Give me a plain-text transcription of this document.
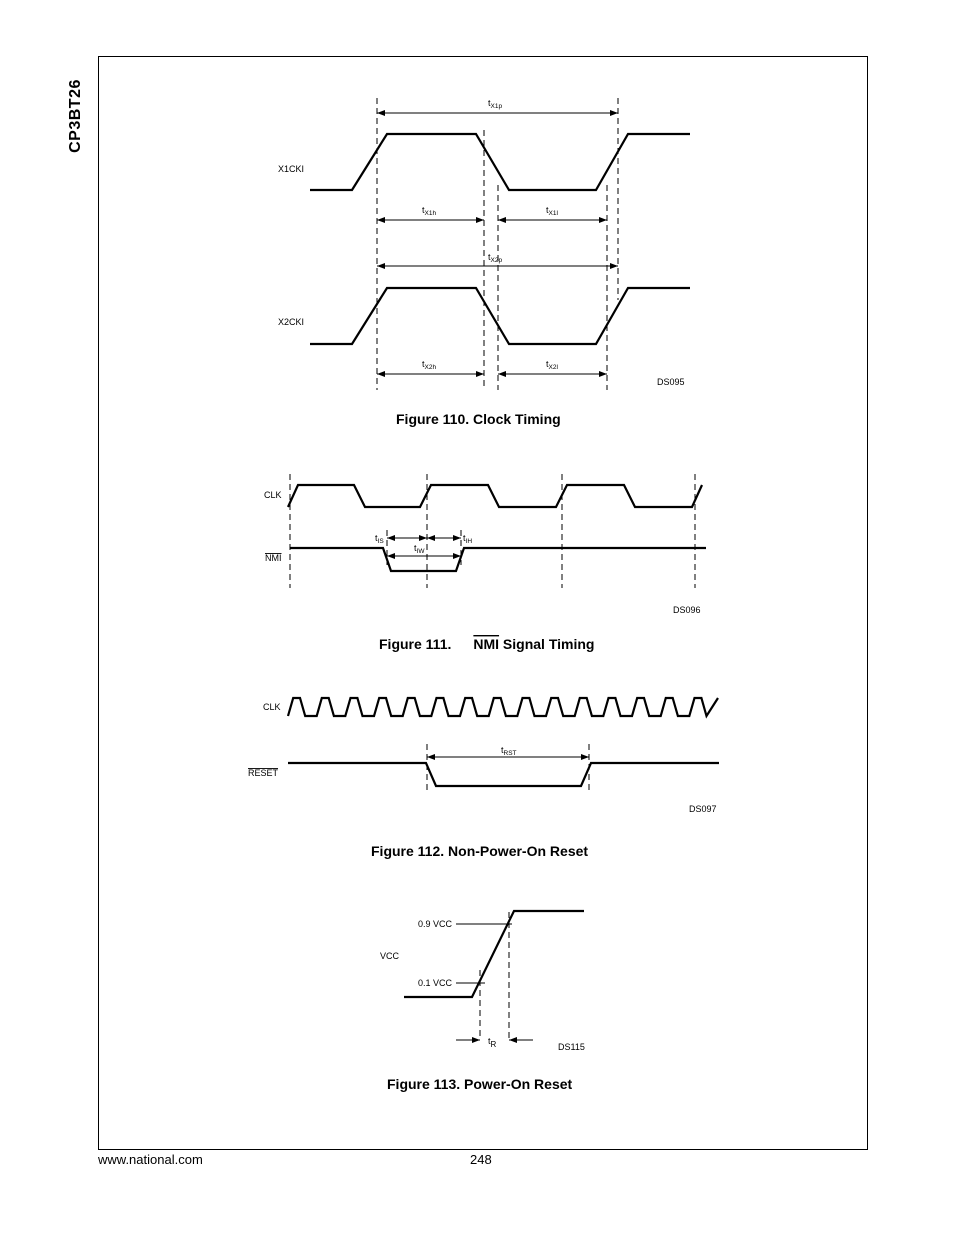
CP3BT26
X1CKI
$t_{X1p}$
$t_{X1h}$	$t_{X1l}$
$t_{X2p}$
X2CKI
$t_{X2h}$	$t_{X2l}$
DS095
Figure 110. Clock Timing
CLK
NMI
$t_{IS}$	$t_{IH}$
$t_{IW}$
DS096
Figure 111. NMI Signal Timing
CLK
$t_{RST}$
RESET
DS097
Figure 112. Non-Power-On Reset
VCC
0.9 VCC
0.1 VCC
tR	DS115
Figure 113. Power-On Reset
www.national.com	248
